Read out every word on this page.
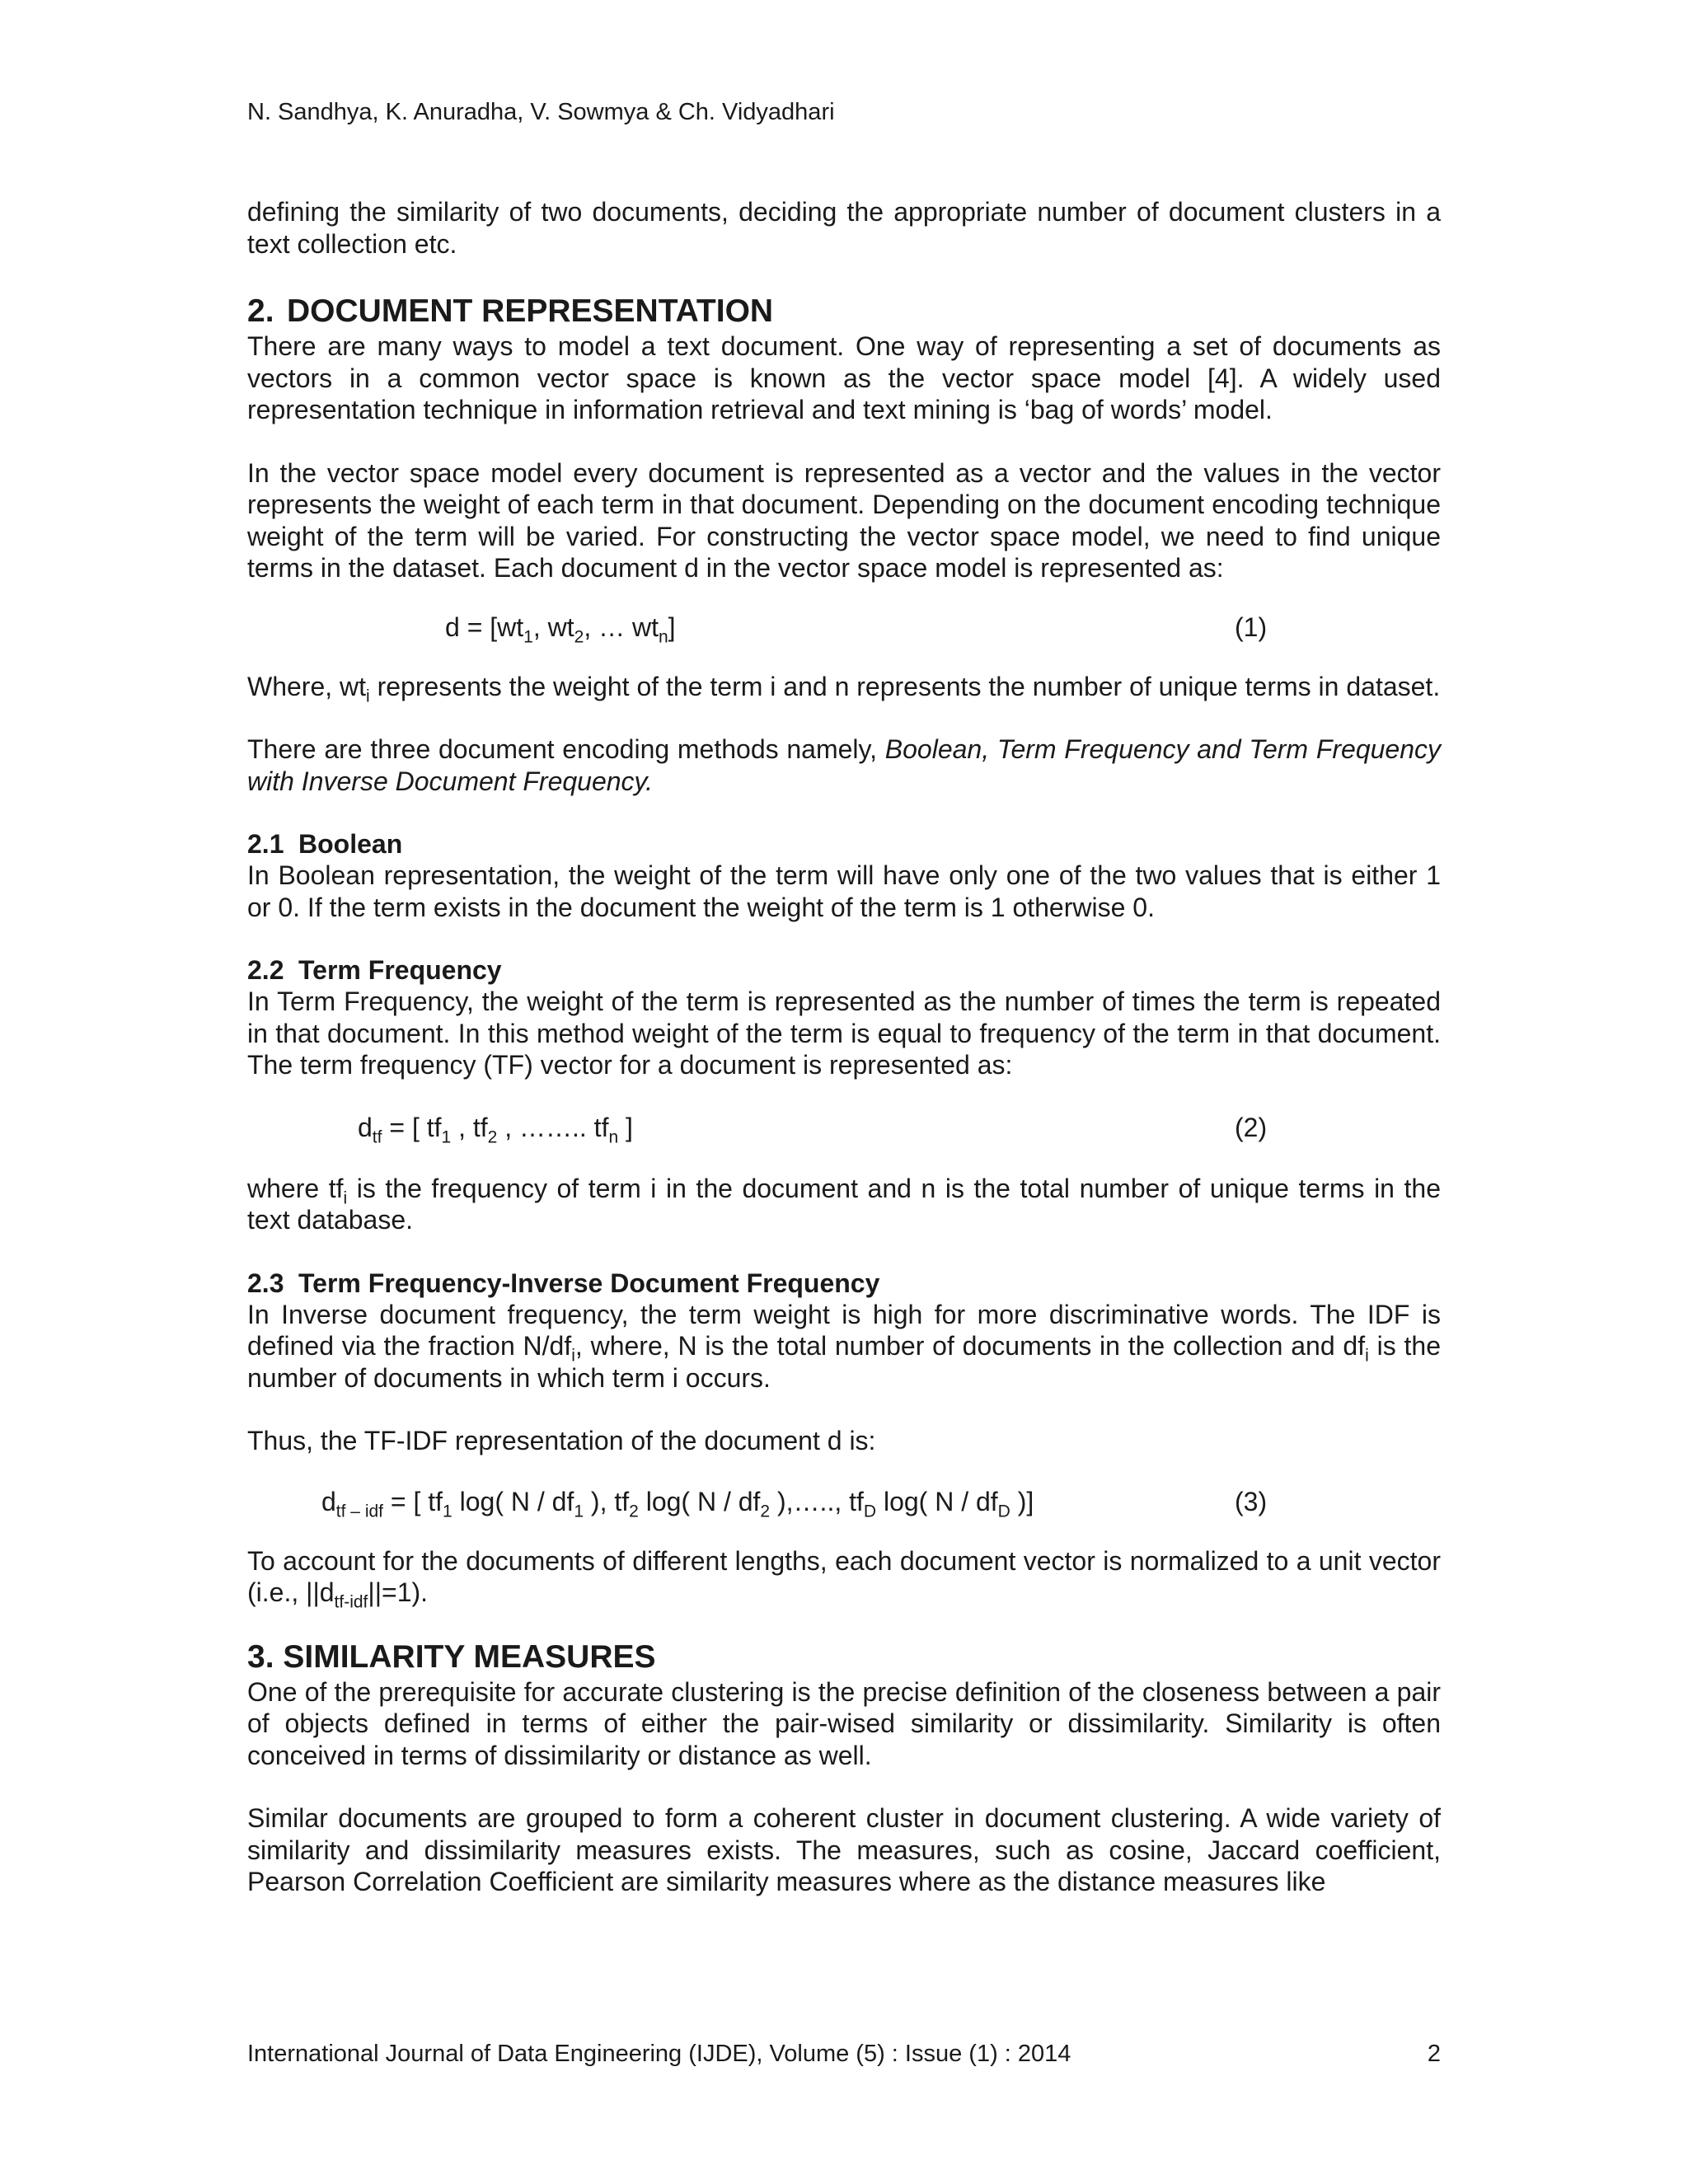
N. Sandhya, K. Anuradha, V. Sowmya & Ch. Vidyadhari

defining the similarity of two documents, deciding the appropriate number of document clusters in a text collection etc.

2. DOCUMENT REPRESENTATION

There are many ways to model a text document. One way of representing a set of documents as vectors in a common vector space is known as the vector space model [4]. A widely used representation technique in information retrieval and text mining is ‘bag of words’ model.

In the vector space model every document is represented as a vector and the values in the vector represents the weight of each term in that document. Depending on the document encoding technique weight of the term will be varied. For constructing the vector space model, we need to find unique terms in the dataset. Each document d in the vector space model is represented as:

$d = [wt_1$, $wt_2$, … $wt_n$]	(1)

Where, $wt_i$ represents the weight of the term i and n represents the number of unique terms in dataset.

There are three document encoding methods namely, Boolean, Term Frequency and Term Frequency with Inverse Document Frequency.

2.1 Boolean

In Boolean representation, the weight of the term will have only one of the two values that is either 1 or 0. If the term exists in the document the weight of the term is 1 otherwise 0.

2.2 Term Frequency

In Term Frequency, the weight of the term is represented as the number of times the term is repeated in that document. In this method weight of the term is equal to frequency of the term in that document. The term frequency (TF) vector for a document is represented as:

$d_{tf}$ = [ $tf_1$ , $tf_2$ , …….. $tf_n$ ]	(2)

where $tf_i$ is the frequency of term i in the document and n is the total number of unique terms in the text database.

2.3 Term Frequency-Inverse Document Frequency

In Inverse document frequency, the term weight is high for more discriminative words. The IDF is defined via the fraction $N/df_i$, where, N is the total number of documents in the collection and $df_i$ is the number of documents in which term i occurs.

Thus, the TF-IDF representation of the document d is:

$d_{tf - idf}$ = [ $tf_1$ log( N / $df_1$ ), $tf_2$ log( N / $df_2$ ),….., $tf_D$ log( N / $df_D$ )]	(3)

To account for the documents of different lengths, each document vector is normalized to a unit vector (i.e., $||d_{tf-idf}||=1$).

3. SIMILARITY MEASURES

One of the prerequisite for accurate clustering is the precise definition of the closeness between a pair of objects defined in terms of either the pair-wised similarity or dissimilarity. Similarity is often conceived in terms of dissimilarity or distance as well.

Similar documents are grouped to form a coherent cluster in document clustering. A wide variety of similarity and dissimilarity measures exists. The measures, such as cosine, Jaccard coefficient, Pearson Correlation Coefficient are similarity measures where as the distance measures like

International Journal of Data Engineering (IJDE), Volume (5) : Issue (1) : 2014	2
